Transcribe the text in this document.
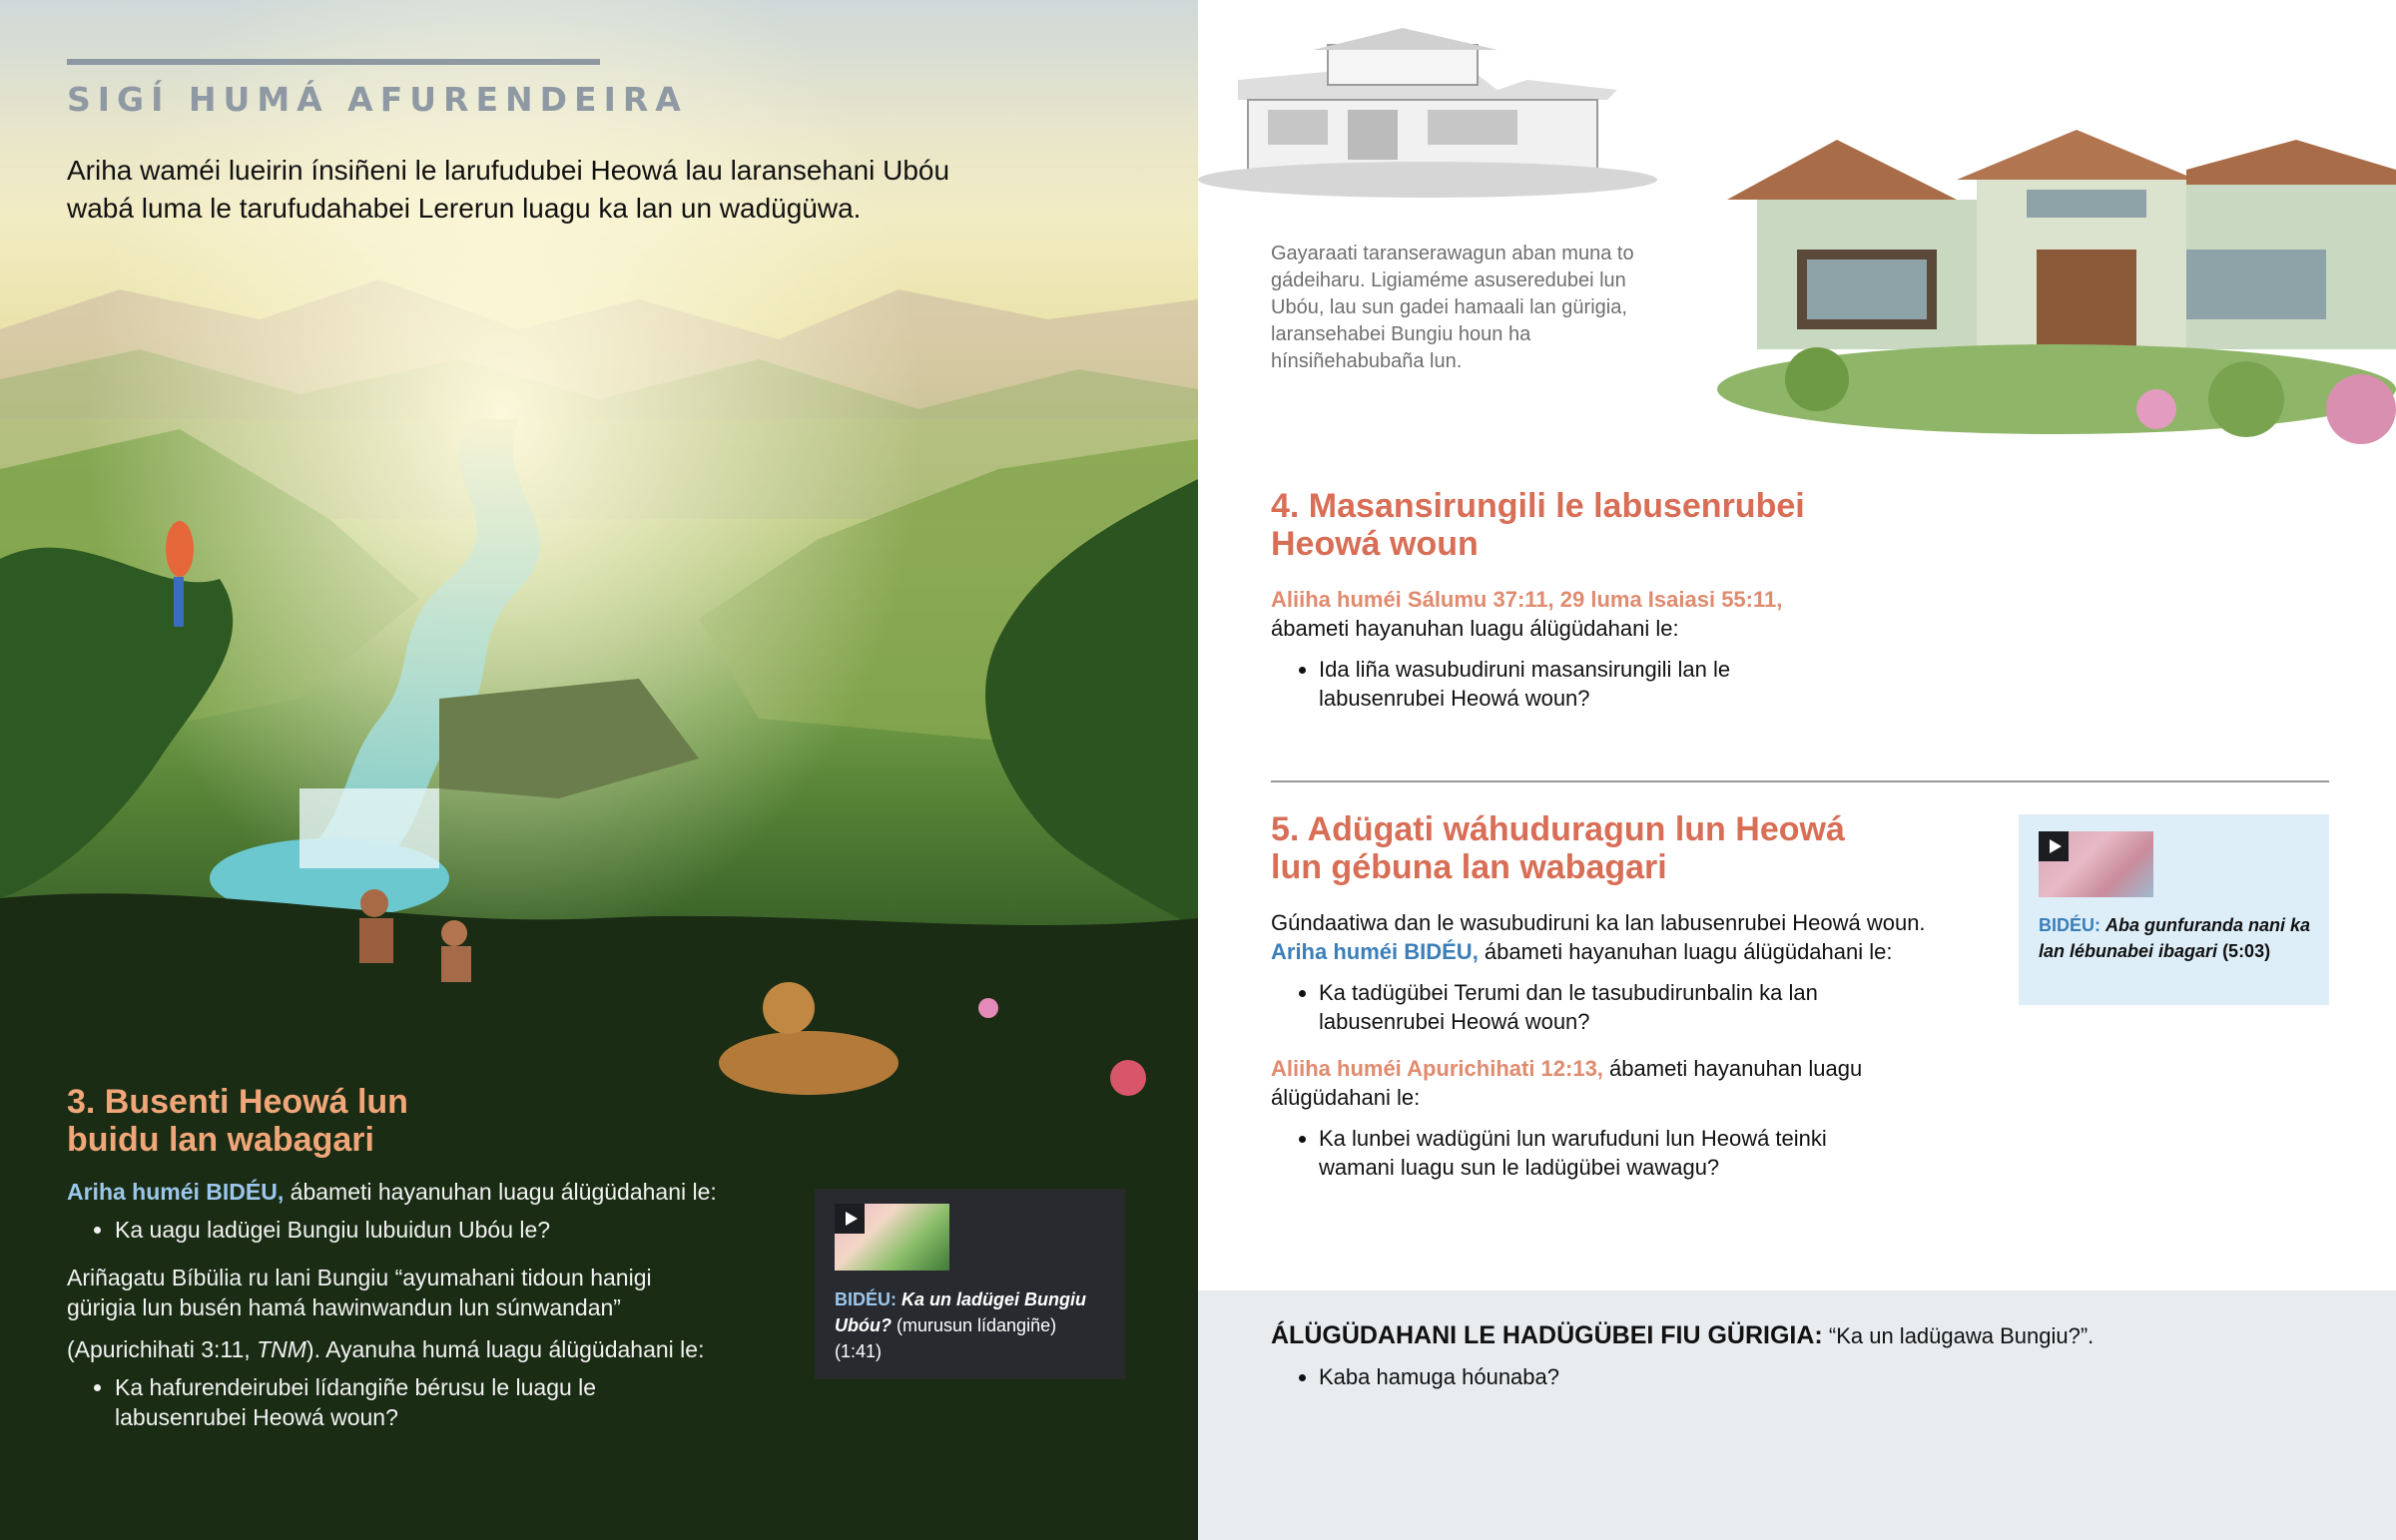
SIGÍ HUMÁ AFURENDEIRA

Ariha waméi lueirin ínsiñeni le larufudubei Heowá lau laransehani Ubóu wabá luma le tarufudahabei Lererun luagu ka lan un wadügüwa.

3. Busenti Heowá lun
buidu lan wabagari

Ariha huméi BIDÉU, ábameti hayanuhan luagu álügüdahani le:

• Ka uagu ladügei Bungiu lubuidun Ubóu le?

Ariñagatu Bíbülia ru lani Bungiu “ayumahani tidoun hanigi gürigia lun busén hamá hawinwandun lun súnwandan”

(Apurichihati 3:11, TNM). Ayanuha humá luagu álügüdahani le:

• Ka hafurendeirubei lídangiñe bérusu le luagu le labusenrubei Heowá woun?
BIDÉU: Ka un ladügei Bungiu Ubóu? (murusun lídangiñe) (1:41)

Gayaraati taranserawagun aban muna to gádeiharu. Ligiaméme asuseredubei lun Ubóu, lau sun gadei hamaali lan gürigia, laransehabei Bungiu houn ha hínsiñehabubaña lun.

4. Masansirungili le labusenrubei
Heowá woun

Aliiha huméi Sálumu 37:11, 29 luma Isaiasi 55:11,
ábameti hayanuhan luagu álügüdahani le:

• Ida liña wasubudiruni masansirungili lan le labusenrubei Heowá woun?
5. Adügati wáhuduragun lun Heowá
lun gébuna lan wabagari

Gúndaatiwa dan le wasubudiruni ka lan labusenrubei Heowá woun.

Ariha huméi BIDÉU, ábameti hayanuhan luagu álügüdahani le:

• Ka tadügübei Terumi dan le tasubudirunbalin ka lan labusenrubei Heowá woun?

Aliiha huméi Apurichihati 12:13, ábameti hayanuhan luagu álügüdahani le:

• Ka lunbei wadügüni lun warufuduni lun Heowá teinki wamani luagu sun le ladügübei wawagu?
BIDÉU: Aba gunfuranda nani ka lan lébunabei ibagari (5:03)

ÁLÜGÜDAHANI LE HADÜGÜBEI FIU GÜRIGIA: “Ka un ladügawa Bungiu?”.

• Kaba hamuga hóunaba?
